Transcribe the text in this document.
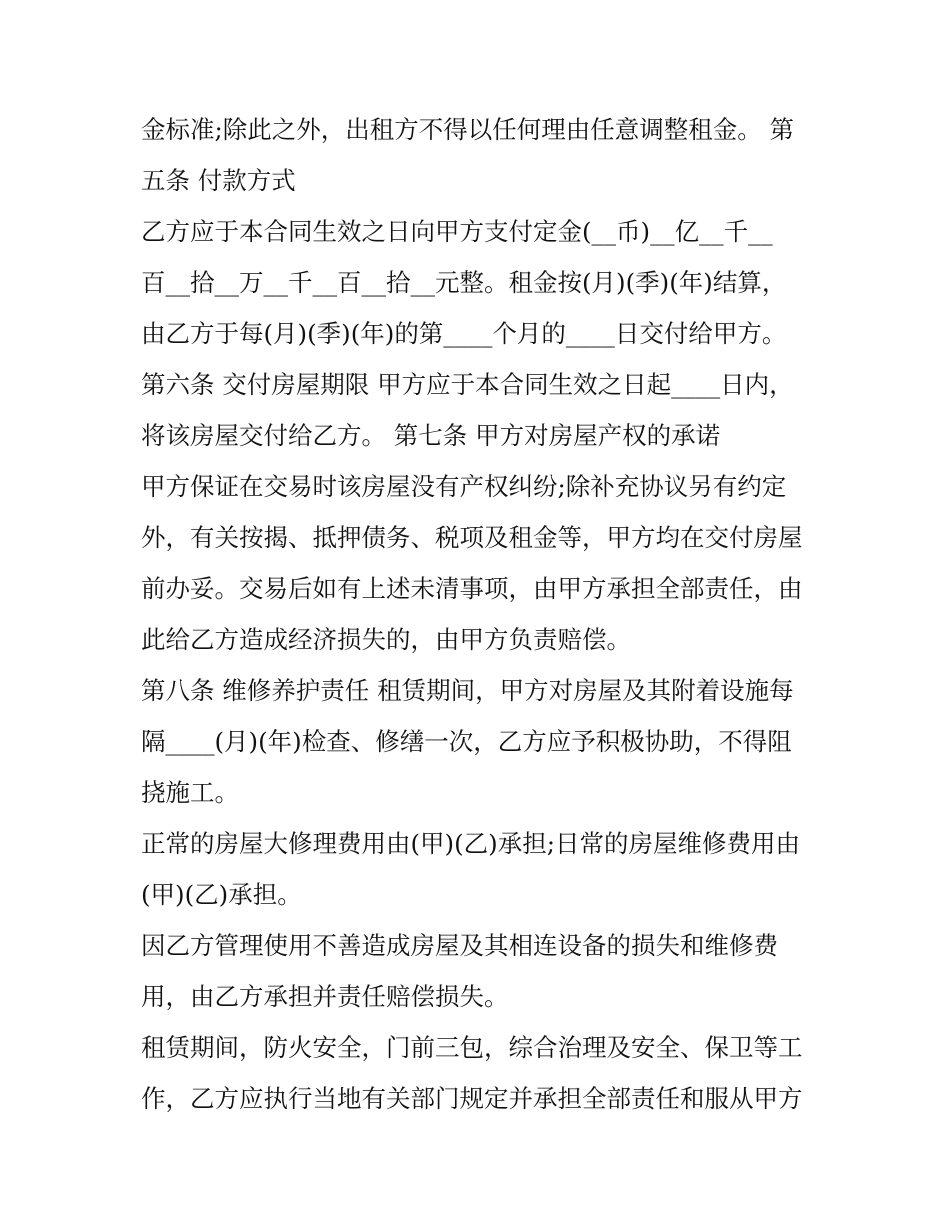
金标准;除此之外，出租方不得以任何理由任意调整租金。 第

五条 付款方式

乙方应于本合同生效之日向甲方支付定金(__币)__亿__千__

百__拾__万__千__百__拾__元整。租金按(月)(季)(年)结算，

由乙方于每(月)(季)(年)的第____个月的____日交付给甲方。

第六条 交付房屋期限 甲方应于本合同生效之日起____日内，

将该房屋交付给乙方。 第七条 甲方对房屋产权的承诺

甲方保证在交易时该房屋没有产权纠纷;除补充协议另有约定

外，有关按揭、抵押债务、税项及租金等，甲方均在交付房屋

前办妥。交易后如有上述未清事项，由甲方承担全部责任，由

此给乙方造成经济损失的，由甲方负责赔偿。

第八条 维修养护责任 租赁期间，甲方对房屋及其附着设施每

隔____(月)(年)检查、修缮一次，乙方应予积极协助，不得阻

挠施工。

正常的房屋大修理费用由(甲)(乙)承担;日常的房屋维修费用由

(甲)(乙)承担。

因乙方管理使用不善造成房屋及其相连设备的损失和维修费

用，由乙方承担并责任赔偿损失。

租赁期间，防火安全，门前三包，综合治理及安全、保卫等工

作，乙方应执行当地有关部门规定并承担全部责任和服从甲方
